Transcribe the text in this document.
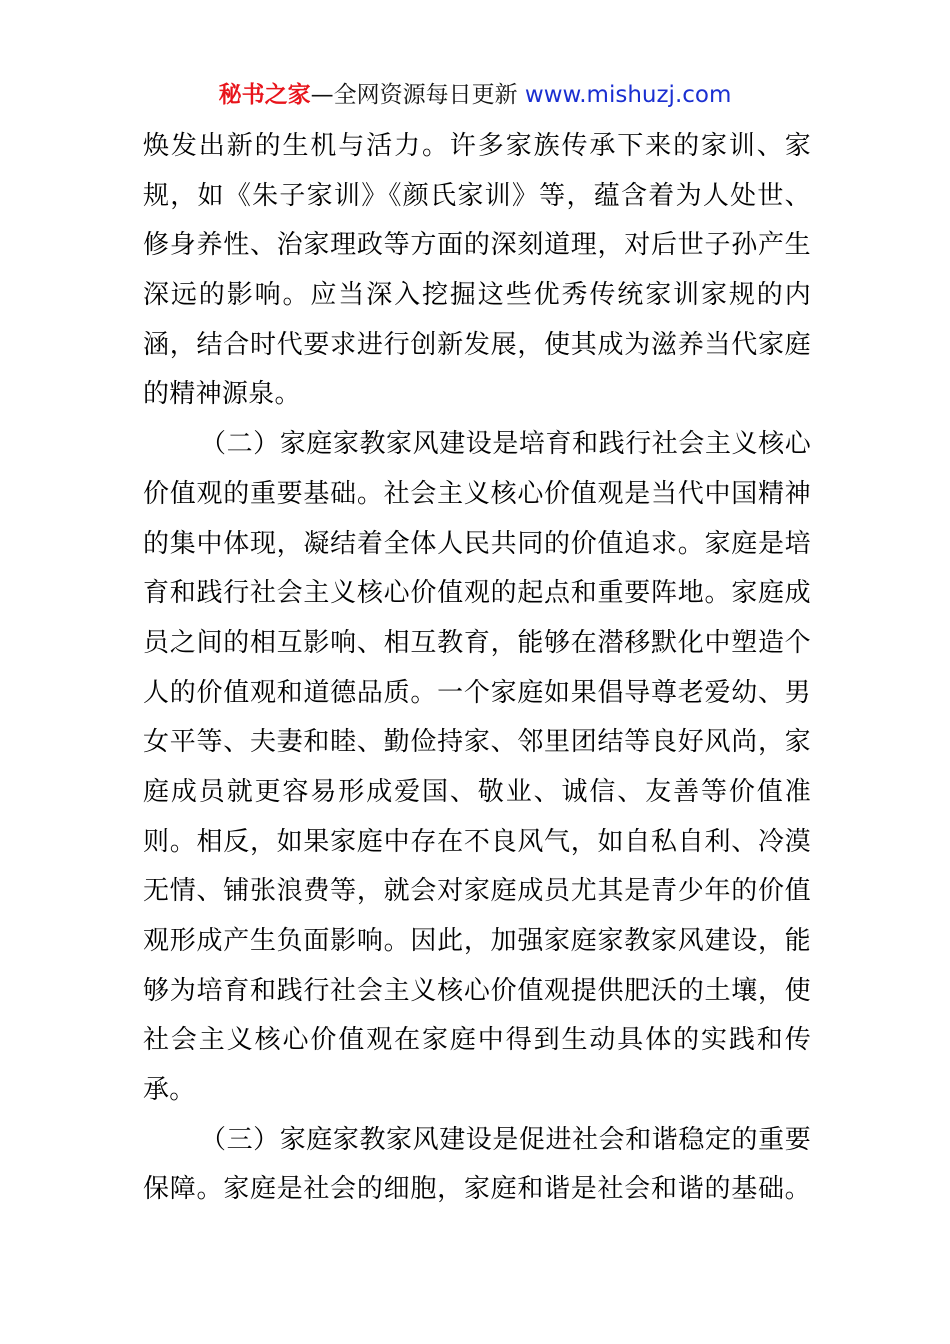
秘书之家—全网资源每日更新 www.mishuzj.com
焕发出新的生机与活力。许多家族传承下来的家训、家
规，如《朱子家训》《颜氏家训》等，蕴含着为人处世、
修身养性、治家理政等方面的深刻道理，对后世子孙产生
深远的影响。应当深入挖掘这些优秀传统家训家规的内
涵，结合时代要求进行创新发展，使其成为滋养当代家庭
的精神源泉。
（二）家庭家教家风建设是培育和践行社会主义核心
价值观的重要基础。社会主义核心价值观是当代中国精神
的集中体现，凝结着全体人民共同的价值追求。家庭是培
育和践行社会主义核心价值观的起点和重要阵地。家庭成
员之间的相互影响、相互教育，能够在潜移默化中塑造个
人的价值观和道德品质。一个家庭如果倡导尊老爱幼、男
女平等、夫妻和睦、勤俭持家、邻里团结等良好风尚，家
庭成员就更容易形成爱国、敬业、诚信、友善等价值准
则。相反，如果家庭中存在不良风气，如自私自利、冷漠
无情、铺张浪费等，就会对家庭成员尤其是青少年的价值
观形成产生负面影响。因此，加强家庭家教家风建设，能
够为培育和践行社会主义核心价值观提供肥沃的土壤，使
社会主义核心价值观在家庭中得到生动具体的实践和传
承。
（三）家庭家教家风建设是促进社会和谐稳定的重要
保障。家庭是社会的细胞，家庭和谐是社会和谐的基础。
